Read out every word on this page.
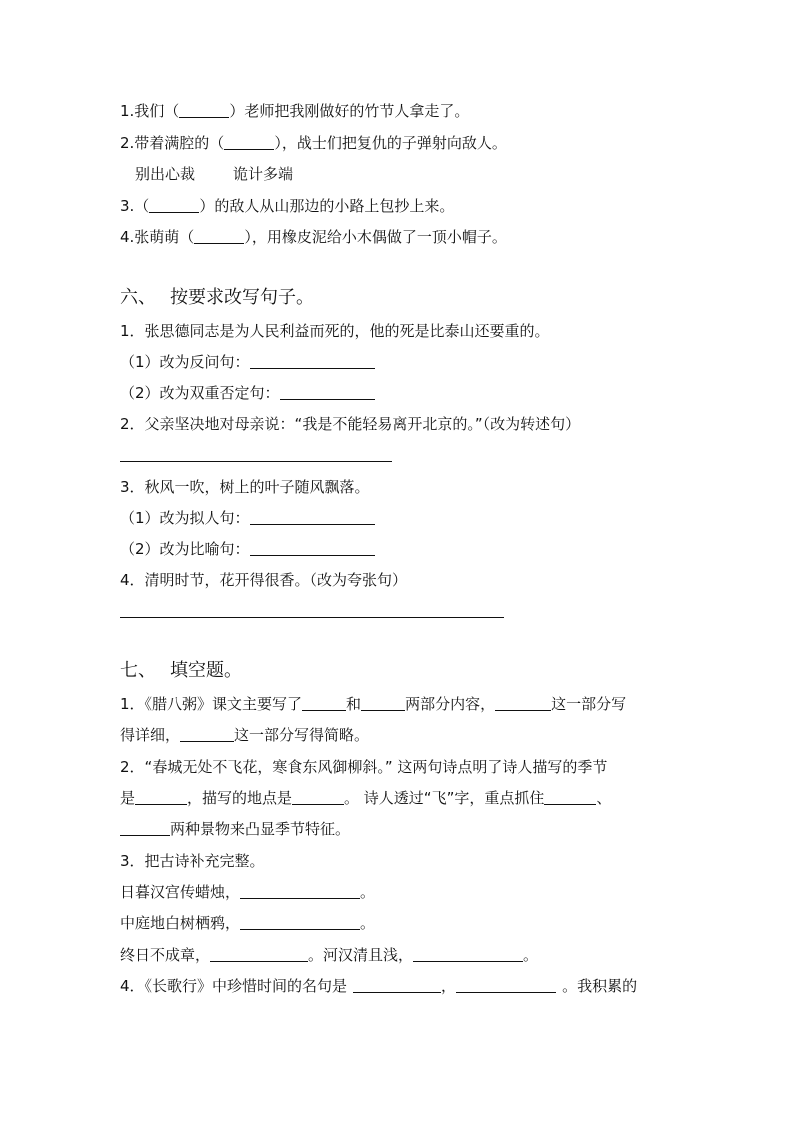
1.我们（	）老师把我刚做好的竹节人拿走了。
2.带着满腔的（	），战士们把复仇的子弹射向敌人。
别出心裁	诡计多端
3.（	）的敌人从山那边的小路上包抄上来。
4.张萌萌（	），用橡皮泥给小木偶做了一顶小帽子。
六、 按要求改写句子。
1．张思德同志是为人民利益而死的，他的死是比泰山还要重的。
（1）改为反问句：
（2）改为双重否定句：
2．父亲坚决地对母亲说：“我是不能轻易离开北京的。”（改为转述句）
3．秋风一吹，树上的叶子随风飘落。
（1）改为拟人句：
（2）改为比喻句：
4．清明时节，花开得很香。（改为夸张句）
七、 填空题。
1．《腊八粥》课文主要写了	和	两部分内容，	这一部分写
得详细，	这一部分写得简略。
2．“春城无处不飞花，寒食东风御柳斜。” 这两句诗点明了诗人描写的季节
是	，描写的地点是	。 诗人透过“飞”字，重点抓住	、
两种景物来凸显季节特征。
3．把古诗补充完整。
日暮汉宫传蜡烛，	。
中庭地白树栖鸦，	。
终日不成章，	。河汉清且浅，	。
4．《长歌行》中珍惜时间的名句是	，	。我积累的
